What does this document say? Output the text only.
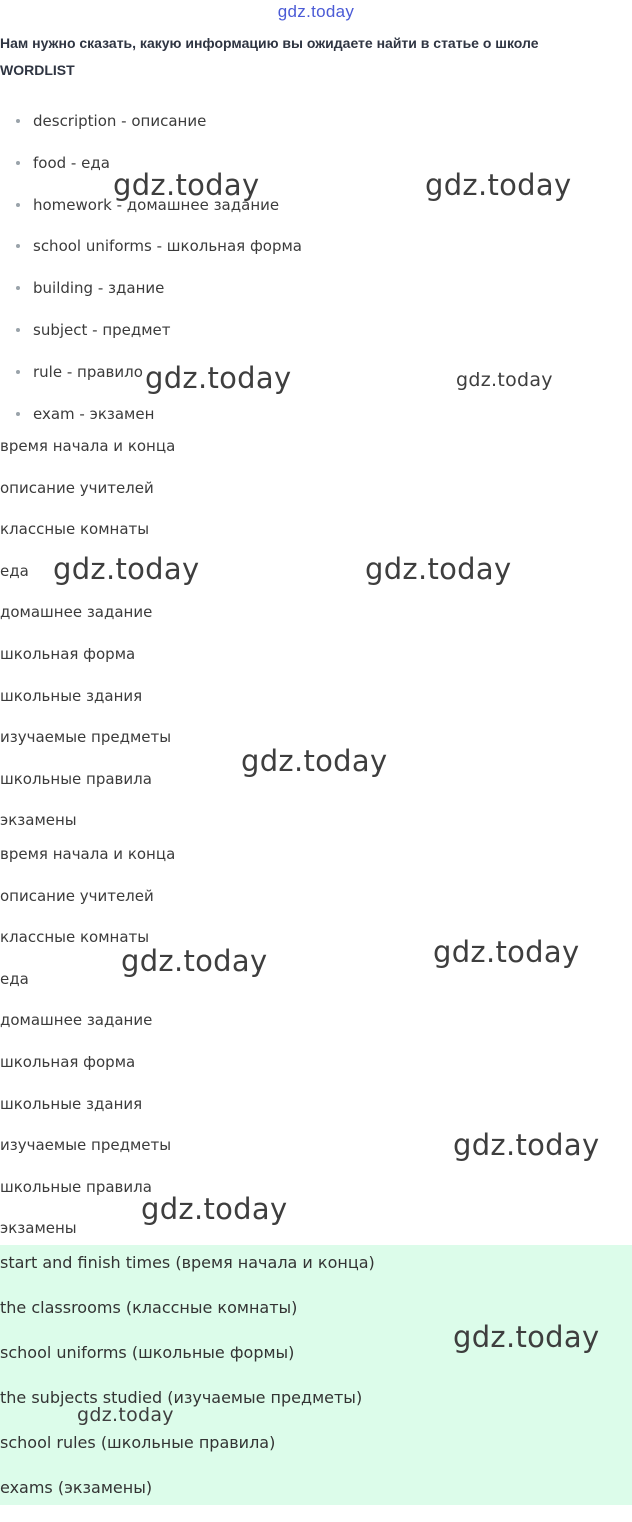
gdz.today
Нам нужно сказать, какую информацию вы ожидаете найти в статье о школе
WORDLIST
description - описание
food - еда
homework - домашнее задание
school uniforms - школьная форма
building - здание
subject - предмет
rule - правило
exam - экзамен
время начала и конца
описание учителей
классные комнаты
еда
домашнее задание
школьная форма
школьные здания
изучаемые предметы
школьные правила
экзамены
время начала и конца
описание учителей
классные комнаты
еда
домашнее задание
школьная форма
школьные здания
изучаемые предметы
школьные правила
экзамены
start and finish times (время начала и конца)
the classrooms (классные комнаты)
school uniforms (школьные формы)
the subjects studied (изучаемые предметы)
school rules (школьные правила)
exams (экзамены)
gdz.today	gdz.today
gdz.today	gdz.today
gdz.today	gdz.today
gdz.today
gdz.today	gdz.today
gdz.today
gdz.today
gdz.today
gdz.today
